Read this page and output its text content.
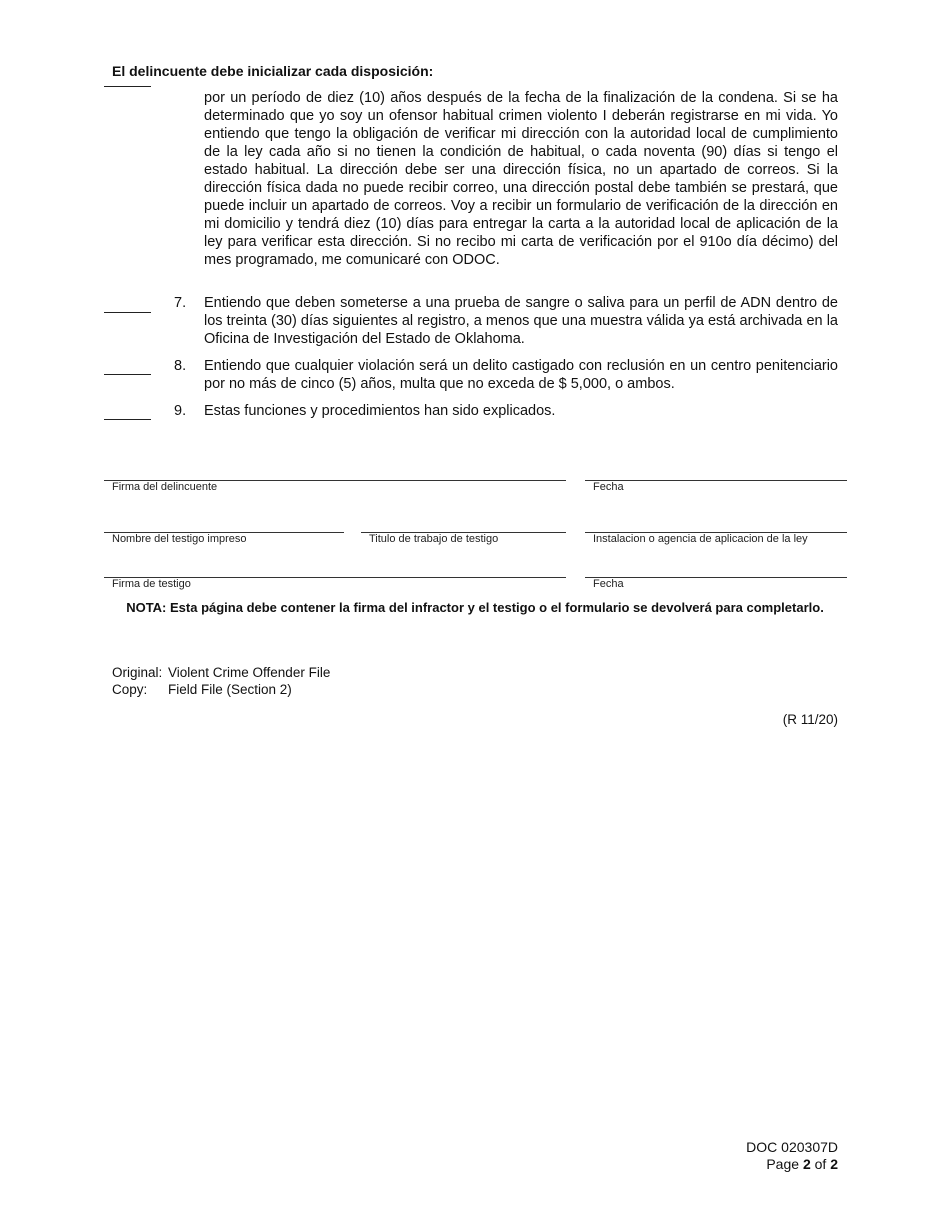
El delincuente debe inicializar cada disposición:
por un período de diez (10) años después de la fecha de la finalización de la condena. Si se ha determinado que yo soy un ofensor habitual crimen violento I deberán registrarse en mi vida. Yo entiendo que tengo la obligación de verificar mi dirección con la autoridad local de cumplimiento de la ley cada año si no tienen la condición de habitual, o cada noventa (90) días si tengo el estado habitual. La dirección debe ser una dirección física, no un apartado de correos. Si la dirección física dada no puede recibir correo, una dirección postal debe también se prestará, que puede incluir un apartado de correos. Voy a recibir un formulario de verificación de la dirección en mi domicilio y tendrá diez (10) días para entregar la carta a la autoridad local de aplicación de la ley para verificar esta dirección. Si no recibo mi carta de verificación por el 910o día décimo) del mes programado, me comunicaré con ODOC.
7. Entiendo que deben someterse a una prueba de sangre o saliva para un perfil de ADN dentro de los treinta (30) días siguientes al registro, a menos que una muestra válida ya está archivada en la Oficina de Investigación del Estado de Oklahoma.
8. Entiendo que cualquier violación será un delito castigado con reclusión en un centro penitenciario por no más de cinco (5) años, multa que no exceda de $ 5,000, o ambos.
9. Estas funciones y procedimientos han sido explicados.
Firma del delincuente	Fecha
Nombre del testigo impreso	Titulo de trabajo de testigo	Instalacion o agencia de aplicacion de la ley
Firma de testigo	Fecha
NOTA: Esta página debe contener la firma del infractor y el testigo o el formulario se devolverá para completarlo.
Original: Violent Crime Offender File
Copy: Field File (Section 2)
(R 11/20)
DOC 020307D
Page 2 of 2
